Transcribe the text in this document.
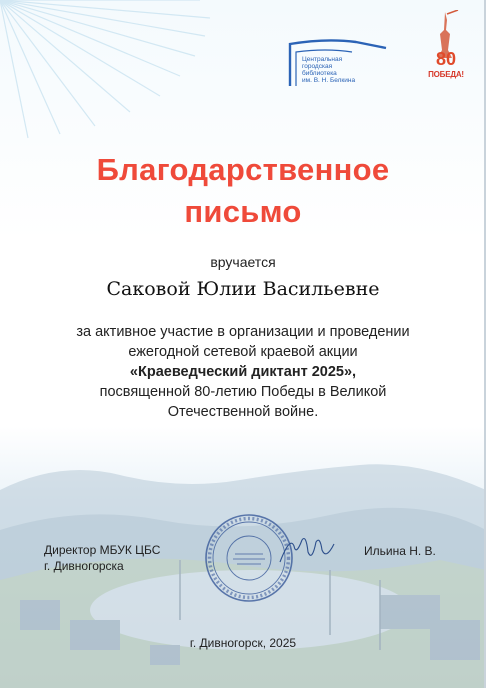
Центральная
городская
библиотека
им. В. Н. Белкина
80
ПОБЕДА!
Благодарственное
письмо
вручается
Саковой Юлии Васильевне
за активное участие в организации и проведении
ежегодной сетевой краевой акции
«Краеведческий диктант 2025»,
посвященной 80-летию Победы в Великой
Отечественной войне.
Директор МБУК ЦБС
г. Дивногорска
Ильина Н. В.
г. Дивногорск, 2025
